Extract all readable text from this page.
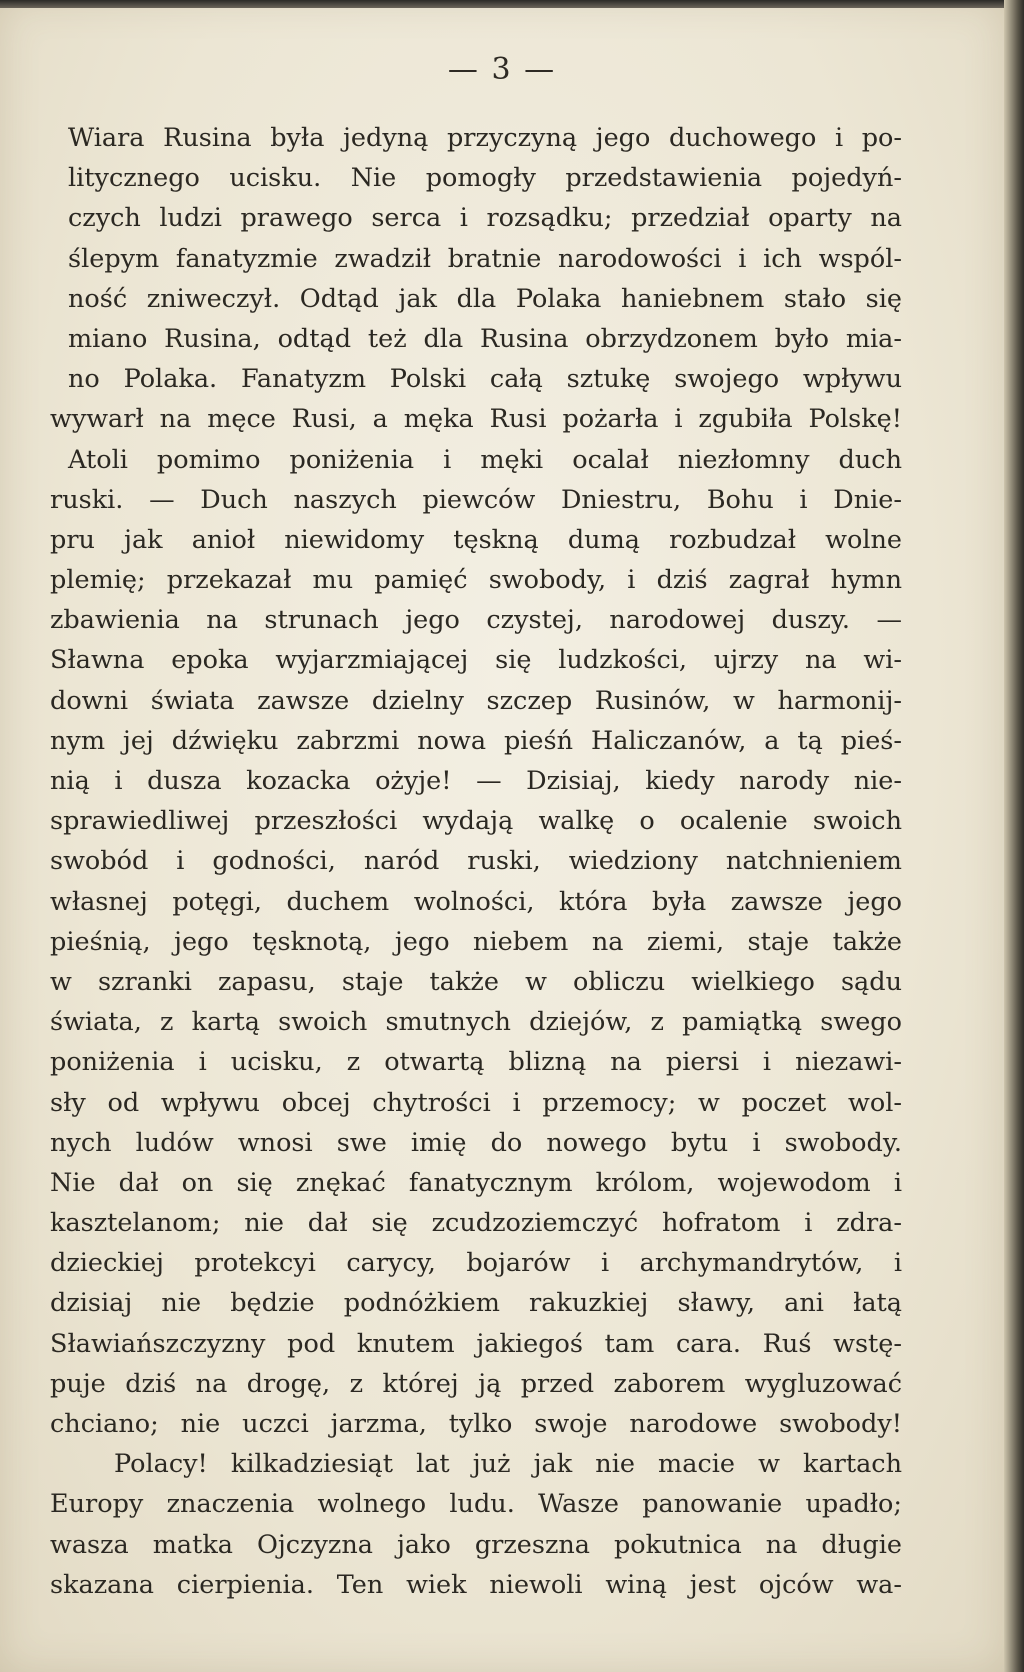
— 3 —
Wiara Rusina była jedyną przyczyną jego duchowego i po-
litycznego ucisku. Nie pomogły przedstawienia pojedyń-
czych ludzi prawego serca i rozsądku; przedział oparty na
ślepym fanatyzmie zwadził bratnie narodowości i ich wspól-
ność zniweczył. Odtąd jak dla Polaka haniebnem stało się
miano Rusina, odtąd też dla Rusina obrzydzonem było mia-
no Polaka. Fanatyzm Polski całą sztukę swojego wpływu
wywarł na męce Rusi, a męka Rusi pożarła i zgubiła Polskę!
Atoli pomimo poniżenia i męki ocalał niezłomny duch
ruski. — Duch naszych piewców Dniestru, Bohu i Dnie-
pru jak anioł niewidomy tęskną dumą rozbudzał wolne
plemię; przekazał mu pamięć swobody, i dziś zagrał hymn
zbawienia na strunach jego czystej, narodowej duszy. —
Sławna epoka wyjarzmiającej się ludzkości, ujrzy na wi-
downi świata zawsze dzielny szczep Rusinów, w harmonij-
nym jej dźwięku zabrzmi nowa pieśń Haliczanów, a tą pieś-
nią i dusza kozacka ożyje! — Dzisiaj, kiedy narody nie-
sprawiedliwej przeszłości wydają walkę o ocalenie swoich
swobód i godności, naród ruski, wiedziony natchnieniem
własnej potęgi, duchem wolności, która była zawsze jego
pieśnią, jego tęsknotą, jego niebem na ziemi, staje także
w szranki zapasu, staje także w obliczu wielkiego sądu
świata, z kartą swoich smutnych dziejów, z pamiątką swego
poniżenia i ucisku, z otwartą blizną na piersi i niezawi-
sły od wpływu obcej chytrości i przemocy; w poczet wol-
nych ludów wnosi swe imię do nowego bytu i swobody.
Nie dał on się znękać fanatycznym królom, wojewodom i
kasztelanom; nie dał się zcudzoziemczyć hofratom i zdra-
dzieckiej protekcyi carycy, bojarów i archymandrytów, i
dzisiaj nie będzie podnóżkiem rakuzkiej sławy, ani łatą
Sławiańszczyzny pod knutem jakiegoś tam cara. Ruś wstę-
puje dziś na drogę, z której ją przed zaborem wygluzować
chciano; nie uczci jarzma, tylko swoje narodowe swobody!
Polacy! kilkadziesiąt lat już jak nie macie w kartach
Europy znaczenia wolnego ludu. Wasze panowanie upadło;
wasza matka Ojczyzna jako grzeszna pokutnica na długie
skazana cierpienia. Ten wiek niewoli winą jest ojców wa-
